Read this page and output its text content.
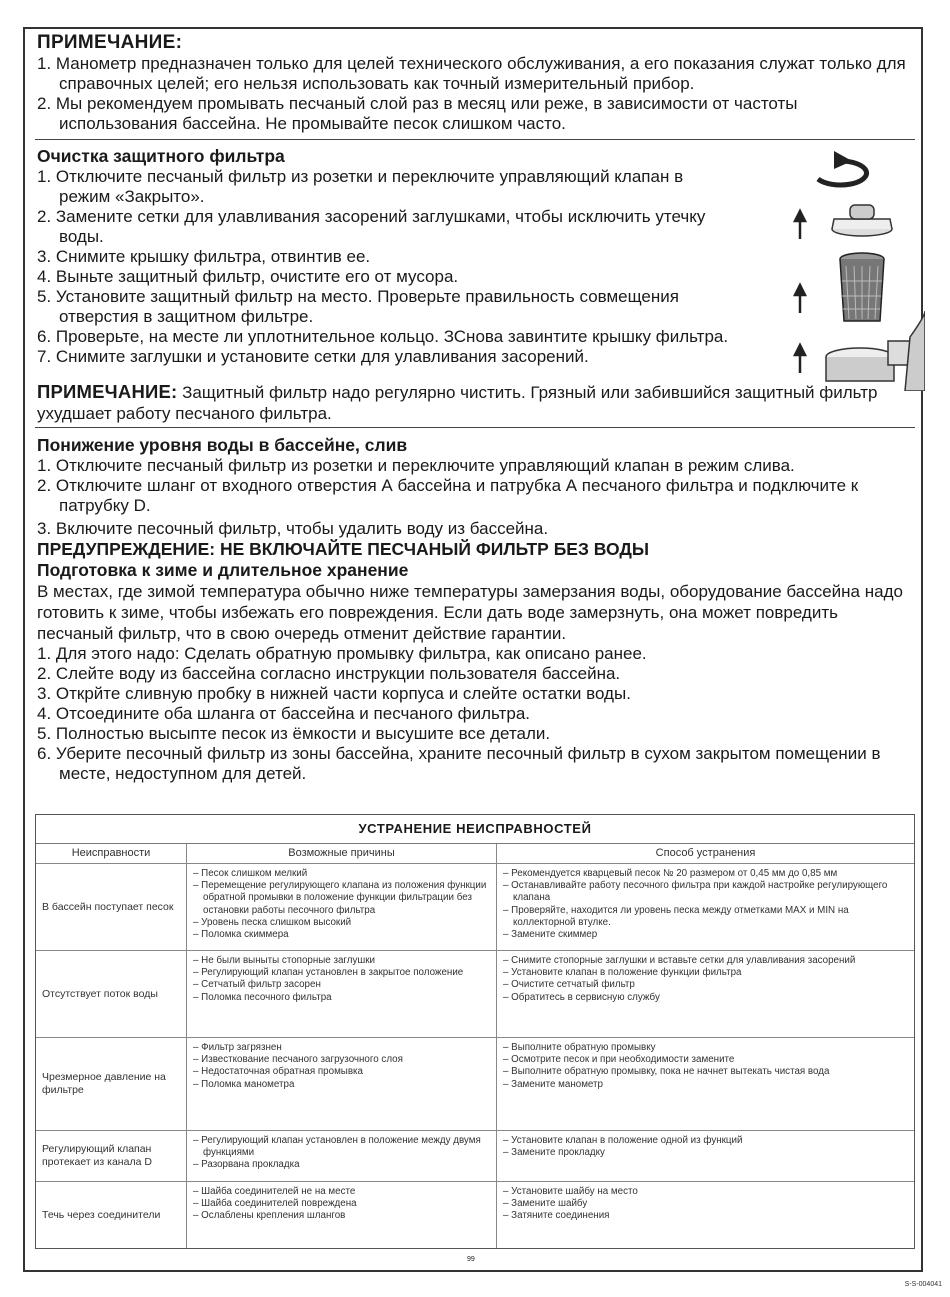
ПРИМЕЧАНИЕ:
1. Манометр предназначен только для целей технического обслуживания, а его показания служат только для справочных целей; его нельзя использовать как точный измерительный прибор.
2. Мы рекомендуем промывать песчаный слой раз в месяц или реже, в зависимости от частоты использования бассейна. Не промывайте песок слишком часто.
Очистка защитного фильтра
1. Отключите песчаный фильтр из розетки и переключите управляющий клапан в режим «Закрыто».
2. Замените сетки для улавливания засорений заглушками, чтобы исключить утечку воды.
3. Снимите крышку фильтра, отвинтив ее.
4. Выньте защитный фильтр, очистите его от мусора.
5. Установите защитный фильтр на место. Проверьте правильность совмещения отверстия в защитном фильтре.
6. Проверьте, на месте ли уплотнительное кольцо. ЗСнова завинтите крышку фильтра.
7. Снимите заглушки и установите сетки для улавливания засорений.
ПРИМЕЧАНИЕ: Защитный фильтр надо регулярно чистить. Грязный или забившийся защитный фильтр ухудшает работу песчаного фильтра.
Понижение уровня воды в бассейне, слив
1. Отключите песчаный фильтр из розетки и переключите управляющий клапан в режим слива.
2. Отключите шланг от входного отверстия А бассейна и патрубка А песчаного фильтра и подключите к патрубку D.
3. Включите песочный фильтр, чтобы удалить воду из бассейна.
ПРЕДУПРЕЖДЕНИЕ: НЕ ВКЛЮЧАЙТЕ ПЕСЧАНЫЙ ФИЛЬТР БЕЗ ВОДЫ
Подготовка к зиме и длительное хранение
В местах, где зимой температура обычно ниже температуры замерзания воды, оборудование бассейна надо готовить к зиме, чтобы избежать его повреждения. Если дать воде замерзнуть, она может повредить песчаный фильтр, что в свою очередь отменит действие гарантии.
1. Для этого надо: Сделать обратную промывку фильтра, как описано ранее.
2. Слейте воду из бассейна согласно инструкции пользователя бассейна.
3. Открйте сливную пробку в нижней части корпуса и слейте остатки воды.
4. Отсоедините оба шланга от бассейна и песчаного фильтра.
5. Полностью высыпте песок из ёмкости и высушите все детали.
6. Уберите песочный фильтр из зоны бассейна, храните песочный фильтр в сухом закрытом помещении в месте, недоступном для детей.
УСТРАНЕНИЕ НЕИСПРАВНОСТЕЙ
Неисправности	Возможные причины	Способ устранения
В бассейн поступает песок
– Песок слишком мелкий
– Перемещение регулирующего клапана из положения функции обратной промывки в положение функции фильтрации без остановки работы песочного фильтра
– Уровень песка слишком высокий
– Поломка скиммера
– Рекомендуется кварцевый песок № 20 размером от 0,45 мм до 0,85 мм
– Останавливайте работу песочного фильтра при каждой настройке регулирующего клапана
– Проверяйте, находится ли уровень песка между отметками MAX и MIN на коллекторной втулке.
– Замените скиммер
Отсутствует поток воды
– Не были выныты стопорные заглушки
– Регулирующий клапан установлен в закрытое положение
– Сетчатый фильтр засорен
– Поломка песочного фильтра
– Снимите стопорные заглушки и вставьте сетки для улавливания засорений
– Установите клапан в положение функции фильтра
– Очистите сетчатый фильтр
– Обратитесь в сервисную службу
Чрезмерное давление на фильтре
– Фильтр загрязнен
– Известкование песчаного загрузочного слоя
– Недостаточная обратная промывка
– Поломка манометра
– Выполните обратную промывку
– Осмотрите песок и при необходимости замените
– Выполните обратную промывку, пока не начнет вытекать чистая вода
– Замените манометр
Регулирующий клапан протекает из канала D
– Регулирующий клапан установлен в положение между двумя функциями
– Разорвана прокладка
– Установите клапан в положение одной из функций
– Замените прокладку
Течь через соединители
– Шайба соединителей не на месте
– Шайба соединителей повреждена
– Ослаблены крепления шлангов
– Установите шайбу на место
– Замените шайбу
– Затяните соединения
99
S-S-004041
